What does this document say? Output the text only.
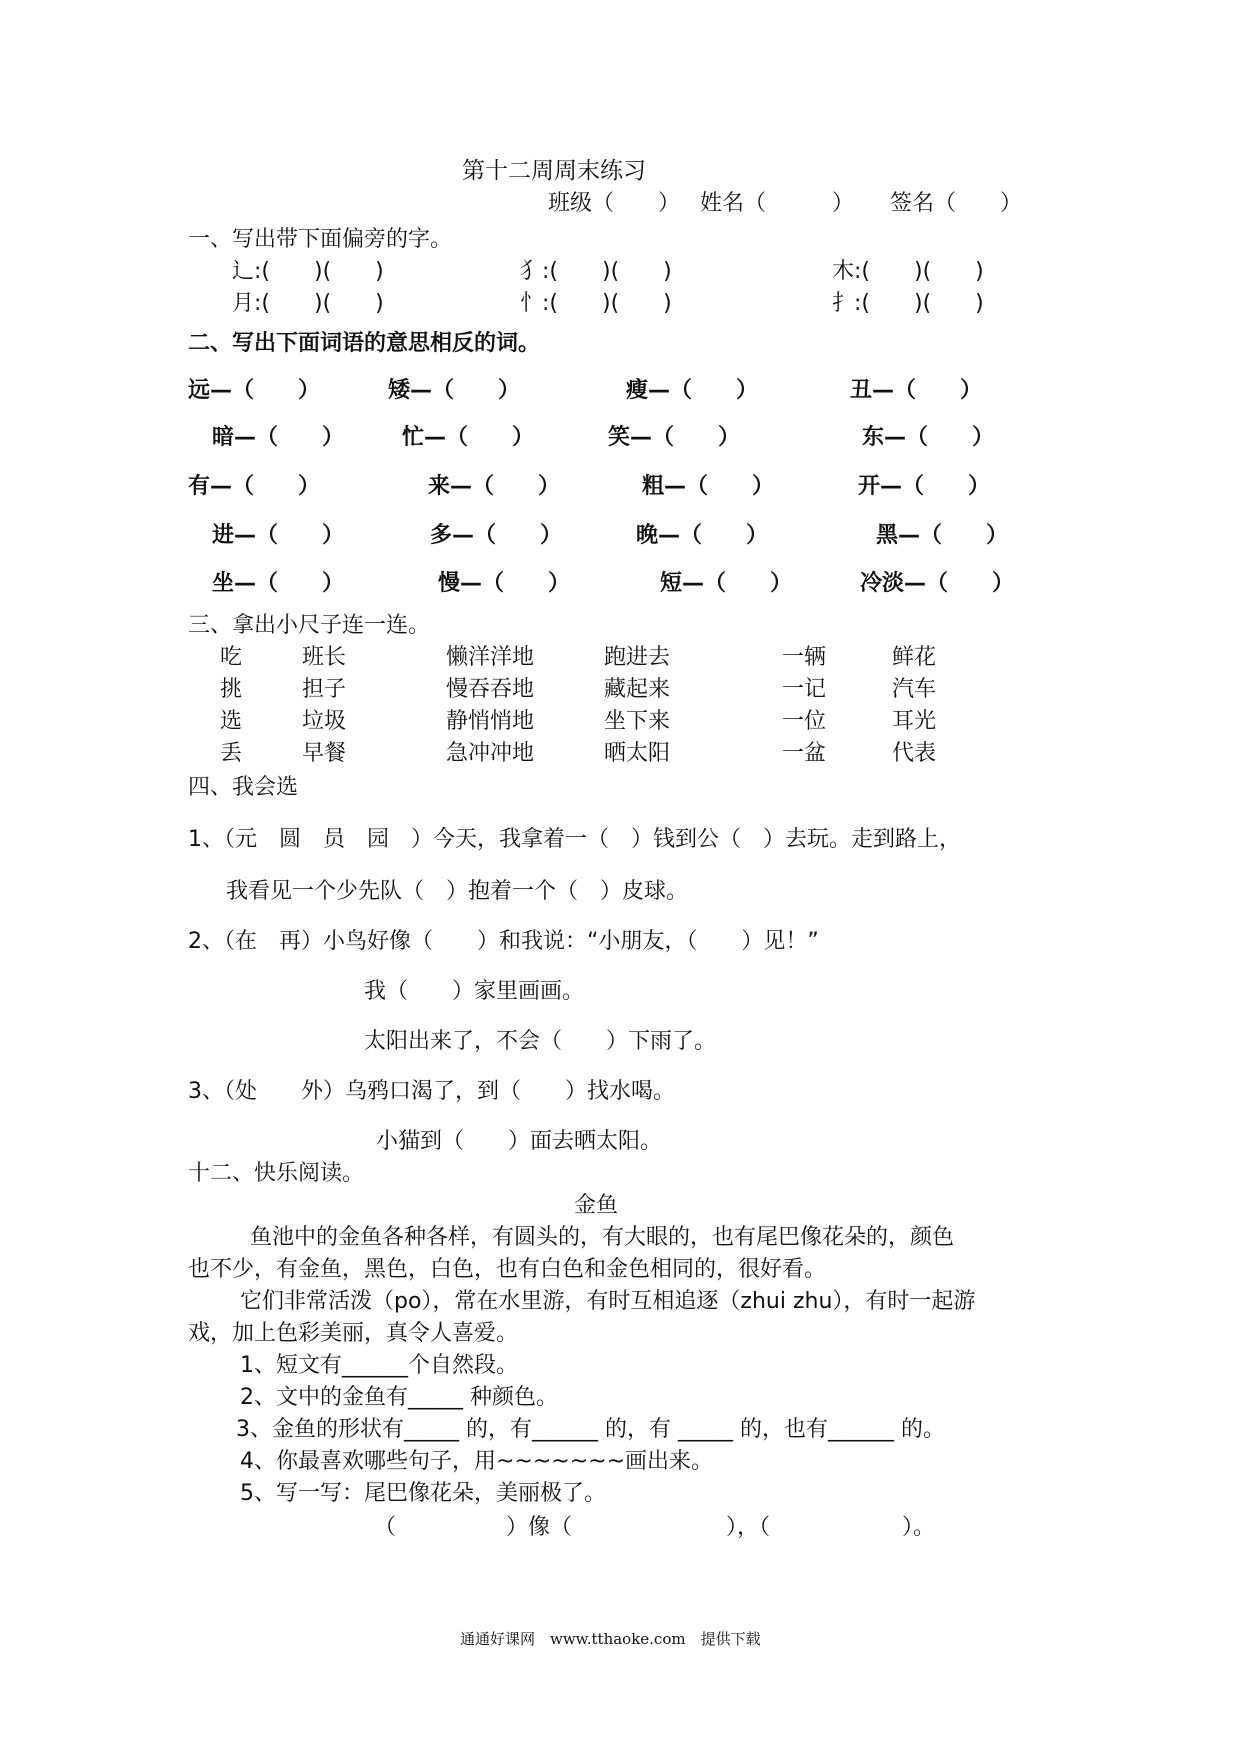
第十二周周末练习
班级（　　） 姓名（　　　） 签名（　　）
一、写出带下面偏旁的字。
辶:(　　)(　　)	犭:(　　)(　　)	木:(　　)(　　)
月:(　　)(　　)	忄:(　　)(　　)	扌:(　　)(　　)
二、写出下面词语的意思相反的词。
远—（　　）	矮—（　　）	瘦—（　　）	丑—（　　）
暗—（　　）	忙—（　　）	笑—（　　）	东—（　　）
有—（　　）	来—（　　）	粗—（　　）	开—（　　）
进—（　　）	多—（　　）	晚—（　　）	黑—（　　）
坐—（　　）	慢—（　　）	短—（　　）	冷淡—（　　）
三、拿出小尺子连一连。
吃	班长	懒洋洋地	跑进去	一辆	鲜花
挑	担子	慢吞吞地	藏起来	一记	汽车
选	垃圾	静悄悄地	坐下来	一位	耳光
丢	早餐	急冲冲地	晒太阳	一盆	代表
四、我会选
1、（元　圆　员　园　）今天，我拿着一（　）钱到公（　）去玩。走到路上，
我看见一个少先队（　）抱着一个（　）皮球。
2、（在　再）小鸟好像（　　）和我说：“小朋友，（　　）见！”
我（　　）家里画画。
太阳出来了，不会（　　）下雨了。
3、（处　　外）乌鸦口渴了，到（　　）找水喝。
小猫到（　　）面去晒太阳。
十二、快乐阅读。
金鱼
鱼池中的金鱼各种各样，有圆头的，有大眼的，也有尾巴像花朵的，颜色
也不少，有金鱼，黑色，白色，也有白色和金色相同的，很好看。
它们非常活泼（po），常在水里游，有时互相追逐（zhui zhu），有时一起游
戏，加上色彩美丽，真令人喜爱。
1、短文有______个自然段。
2、文中的金鱼有_____ 种颜色。
3、金鱼的形状有_____ 的，有______ 的，有 _____ 的，也有______ 的。
4、你最喜欢哪些句子，用~~~~~~~画出来。
5、写一写：尾巴像花朵，美丽极了。
（　　　　　）像（　　　　　　　），（　　　　　　）。
通通好课网　www.tthaoke.com　提供下载
